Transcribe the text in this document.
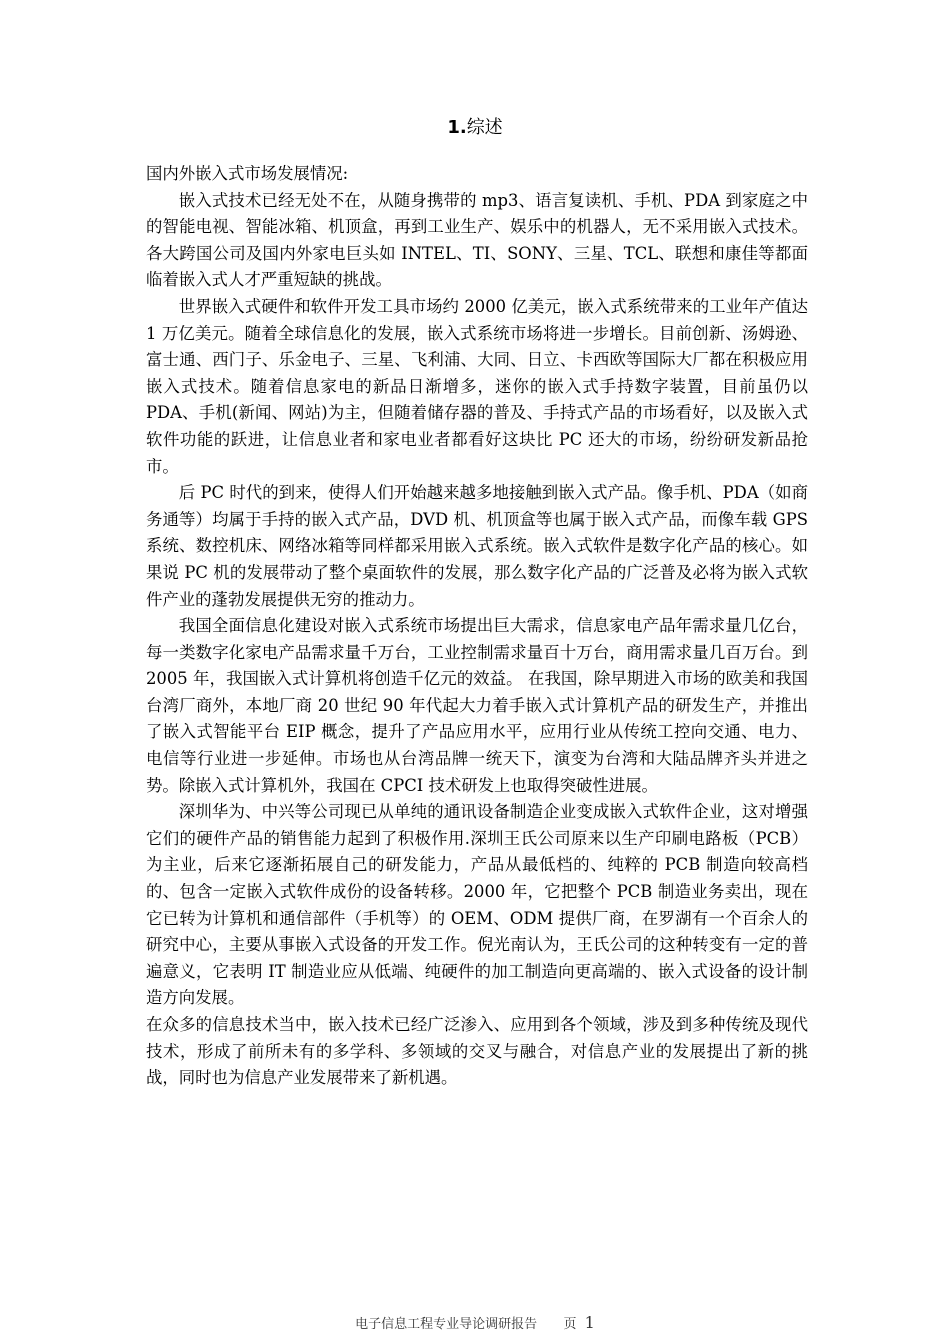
1.综述

国内外嵌入式市场发展情况:

嵌入式技术已经无处不在，从随身携带的 mp3、语言复读机、手机、PDA 到家庭之中的智能电视、智能冰箱、机顶盒，再到工业生产、娱乐中的机器人，无不采用嵌入式技术。各大跨国公司及国内外家电巨头如 INTEL、TI、SONY、三星、TCL、联想和康佳等都面临着嵌入式人才严重短缺的挑战。

世界嵌入式硬件和软件开发工具市场约 2000 亿美元，嵌入式系统带来的工业年产值达 1 万亿美元。随着全球信息化的发展，嵌入式系统市场将进一步增长。目前创新、汤姆逊、富士通、西门子、乐金电子、三星、飞利浦、大同、日立、卡西欧等国际大厂都在积极应用嵌入式技术。随着信息家电的新品日渐增多，迷你的嵌入式手持数字装置，目前虽仍以 PDA、手机(新闻、网站)为主，但随着储存器的普及、手持式产品的市场看好，以及嵌入式软件功能的跃进，让信息业者和家电业者都看好这块比 PC 还大的市场，纷纷研发新品抢市。

后 PC 时代的到来，使得人们开始越来越多地接触到嵌入式产品。像手机、PDA（如商务通等）均属于手持的嵌入式产品，DVD 机、机顶盒等也属于嵌入式产品，而像车载 GPS 系统、数控机床、网络冰箱等同样都采用嵌入式系统。嵌入式软件是数字化产品的核心。如果说 PC 机的发展带动了整个桌面软件的发展，那么数字化产品的广泛普及必将为嵌入式软件产业的蓬勃发展提供无穷的推动力。

我国全面信息化建设对嵌入式系统市场提出巨大需求，信息家电产品年需求量几亿台，每一类数字化家电产品需求量千万台，工业控制需求量百十万台，商用需求量几百万台。到 2005 年，我国嵌入式计算机将创造千亿元的效益。 在我国，除早期进入市场的欧美和我国台湾厂商外，本地厂商 20 世纪 90 年代起大力着手嵌入式计算机产品的研发生产，并推出了嵌入式智能平台 EIP 概念，提升了产品应用水平，应用行业从传统工控向交通、电力、电信等行业进一步延伸。市场也从台湾品牌一统天下，演变为台湾和大陆品牌齐头并进之势。除嵌入式计算机外，我国在 CPCI 技术研发上也取得突破性进展。

深圳华为、中兴等公司现已从单纯的通讯设备制造企业变成嵌入式软件企业，这对增强它们的硬件产品的销售能力起到了积极作用.深圳王氏公司原来以生产印刷电路板（PCB）为主业，后来它逐渐拓展自己的研发能力，产品从最低档的、纯粹的 PCB 制造向较高档的、包含一定嵌入式软件成份的设备转移。2000 年，它把整个 PCB 制造业务卖出，现在它已转为计算机和通信部件（手机等）的 OEM、ODM 提供厂商，在罗湖有一个百余人的研究中心，主要从事嵌入式设备的开发工作。倪光南认为，王氏公司的这种转变有一定的普遍意义，它表明 IT 制造业应从低端、纯硬件的加工制造向更高端的、嵌入式设备的设计制造方向发展。

在众多的信息技术当中，嵌入技术已经广泛渗入、应用到各个领域，涉及到多种传统及现代技术，形成了前所未有的多学科、多领域的交叉与融合，对信息产业的发展提出了新的挑战，同时也为信息产业发展带来了新机遇。

电子信息工程专业导论调研报告 页 1
